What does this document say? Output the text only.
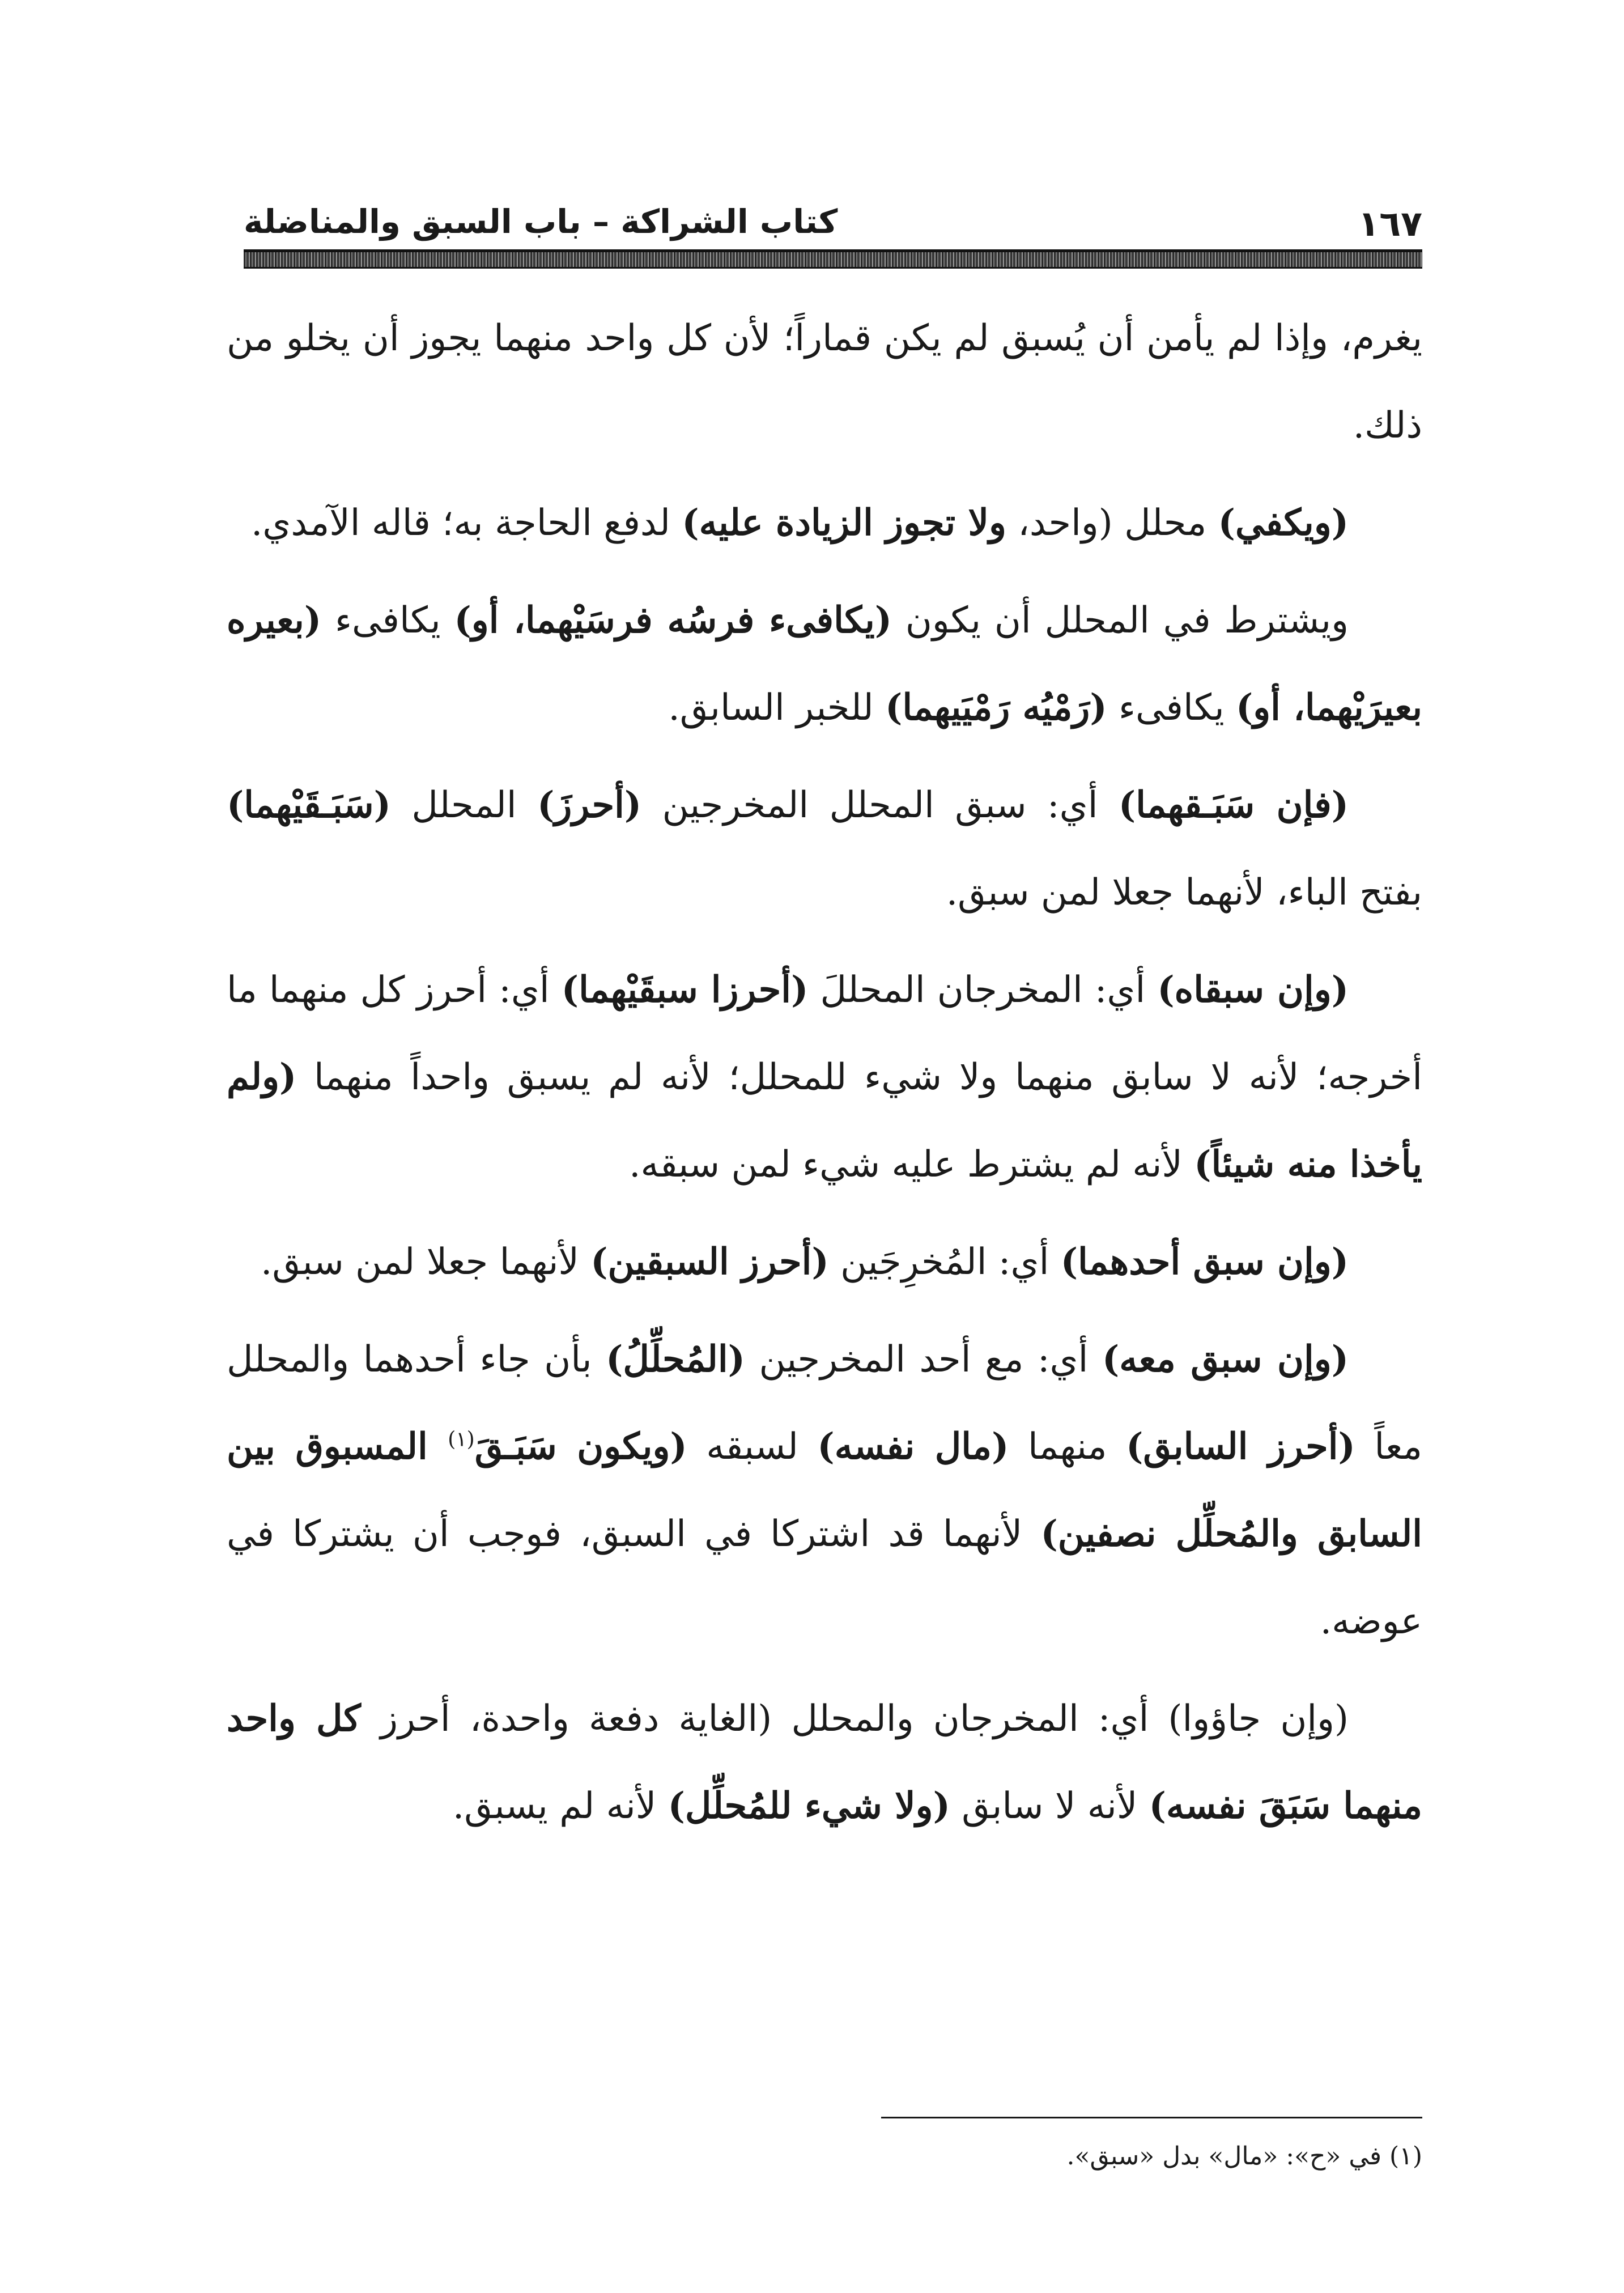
١٦٧
كتاب الشراكة – باب السبق والمناضلة

يغرم، وإذا لم يأمن أن يُسبق لم يكن قماراً؛ لأن كل واحد منهما يجوز أن يخلو من ذلك.

(ويكفي) محلل (واحد، ولا تجوز الزيادة عليه) لدفع الحاجة به؛ قاله الآمدي.

ويشترط في المحلل أن يكون (يكافىء فرسُه فرسَيْهما، أو) يكافىء (بعيره بعيرَيْهما، أو) يكافىء (رَمْيُه رَمْيَيهما) للخبر السابق.

(فإن سَبَـقهما) أي: سبق المحلل المخرجين (أحرزَ) المحلل (سَبَـقَيْهما) بفتح الباء، لأنهما جعلا لمن سبق.

(وإن سبقاه) أي: المخرجان المحللَ (أحرزا سبقَيْهما) أي: أحرز كل منهما ما أخرجه؛ لأنه لا سابق منهما ولا شيء للمحلل؛ لأنه لم يسبق واحداً منهما (ولم يأخذا منه شيئاً) لأنه لم يشترط عليه شيء لمن سبقه.

(وإن سبق أحدهما) أي: المُخرِجَين (أحرز السبقين) لأنهما جعلا لمن سبق.

(وإن سبق معه) أي: مع أحد المخرجين (المُحلِّلُ) بأن جاء أحدهما والمحلل معاً (أحرز السابق) منهما (مال نفسه) لسبقه (ويكون سَبَـقَ$^{(١)}$ المسبوق بين السابق والمُحلِّل نصفين) لأنهما قد اشتركا في السبق، فوجب أن يشتركا في عوضه.

(وإن جاؤوا) أي: المخرجان والمحلل (الغاية دفعة واحدة، أحرز كل واحد منهما سَبَقَ نفسه) لأنه لا سابق (ولا شيء للمُحلِّل) لأنه لم يسبق.

(١) في «ح»: «مال» بدل «سبق».
